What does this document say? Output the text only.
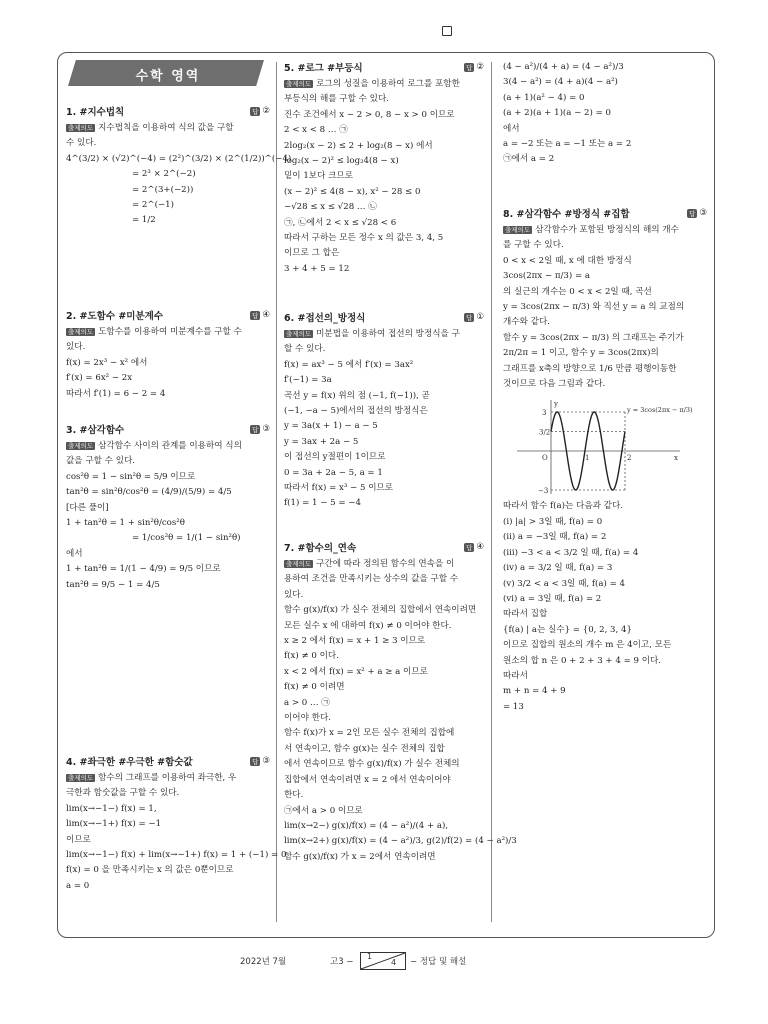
수학 영역
1. #지수법칙	답 ②
출제의도 지수법칙을 이용하여 식의 값을 구할
수 있다.
4^(3/2) × (√2)^(−4) = (2²)^(3/2) × (2^(1/2))^(−4)
= 2³ × 2^(−2)
= 2^(3+(−2))
= 2^(−1)
= 1/2
2. #도함수 #미분계수	답 ④
출제의도 도함수를 이용하여 미분계수를 구할 수
있다.
f(x) = 2x³ − x² 에서
f′(x) = 6x² − 2x
따라서 f′(1) = 6 − 2 = 4
3. #삼각함수	답 ③
출제의도 삼각함수 사이의 관계를 이용하여 식의
값을 구할 수 있다.
cos²θ = 1 − sin²θ = 5/9 이므로
tan²θ = sin²θ/cos²θ = (4/9)/(5/9) = 4/5
[다른 풀이]
1 + tan²θ = 1 + sin²θ/cos²θ
= 1/cos²θ = 1/(1 − sin²θ)
에서
1 + tan²θ = 1/(1 − 4/9) = 9/5 이므로
tan²θ = 9/5 − 1 = 4/5
4. #좌극한 #우극한 #함숫값	답 ③
출제의도 함수의 그래프를 이용하여 좌극한, 우
극한과 함숫값을 구할 수 있다.
lim(x→−1−) f(x) = 1,
lim(x→−1+) f(x) = −1
이므로
lim(x→−1−) f(x) + lim(x→−1+) f(x) = 1 + (−1) = 0
f(x) = 0 을 만족시키는 x 의 값은 0뿐이므로
a = 0
5. #로그 #부등식	답 ②
출제의도 로그의 성질을 이용하여 로그를 포함한
부등식의 해를 구할 수 있다.
진수 조건에서 x − 2 > 0, 8 − x > 0 이므로
2 < x < 8 … ㉠
2log₂(x − 2) ≤ 2 + log₂(8 − x) 에서
log₂(x − 2)² ≤ log₂4(8 − x)
밑이 1보다 크므로
(x − 2)² ≤ 4(8 − x), x² − 28 ≤ 0
−√28 ≤ x ≤ √28 … ㉡
㉠, ㉡에서 2 < x ≤ √28 < 6
따라서 구하는 모든 정수 x 의 값은 3, 4, 5
이므로 그 합은
3 + 4 + 5 = 12
6. #접선의_방정식	답 ①
출제의도 미분법을 이용하여 접선의 방정식을 구
할 수 있다.
f(x) = ax³ − 5 에서 f′(x) = 3ax²
f′(−1) = 3a
곡선 y = f(x) 위의 점 (−1, f(−1)), 곧
(−1, −a − 5)에서의 접선의 방정식은
y = 3a(x + 1) − a − 5
y = 3ax + 2a − 5
이 접선의 y절편이 1이므로
0 = 3a + 2a − 5, a = 1
따라서 f(x) = x³ − 5 이므로
f(1) = 1 − 5 = −4
7. #함수의_연속	답 ④
출제의도 구간에 따라 정의된 함수의 연속을 이
용하여 조건을 만족시키는 상수의 값을 구할 수
있다.
함수 g(x)/f(x) 가 실수 전체의 집합에서 연속이려면
모든 실수 x 에 대하여 f(x) ≠ 0 이어야 한다.
x ≥ 2 에서 f(x) = x + 1 ≥ 3 이므로
f(x) ≠ 0 이다.
x < 2 에서 f(x) = x² + a ≥ a 이므로
f(x) ≠ 0 이려면
a > 0 … ㉠
이어야 한다.
함수 f(x)가 x = 2인 모든 실수 전체의 집합에
서 연속이고, 함수 g(x)는 실수 전체의 집합
에서 연속이므로 함수 g(x)/f(x) 가 실수 전체의
집합에서 연속이려면 x = 2 에서 연속이어야
한다.
㉠에서 a > 0 이므로
lim(x→2−) g(x)/f(x) = (4 − a²)/(4 + a),
lim(x→2+) g(x)/f(x) = (4 − a²)/3, g(2)/f(2) = (4 − a²)/3
함수 g(x)/f(x) 가 x = 2에서 연속이려면
(4 − a²)/(4 + a) = (4 − a²)/3
3(4 − a²) = (4 + a)(4 − a²)
(a + 1)(a² − 4) = 0
(a + 2)(a + 1)(a − 2) = 0
에서
a = −2 또는 a = −1 또는 a = 2
㉠에서 a = 2
8. #삼각함수 #방정식 #집합	답 ③
출제의도 삼각함수가 포함된 방정식의 해의 개수
를 구할 수 있다.
0 < x < 2일 때, x 에 대한 방정식
3cos(2πx − π/3) = a
의 실근의 개수는 0 < x < 2일 때, 곡선
y = 3cos(2πx − π/3) 와 직선 y = a 의 교점의
개수와 같다.
함수 y = 3cos(2πx − π/3) 의 그래프는 주기가
2π/2π = 1 이고, 함수 y = 3cos(2πx)의
그래프를 x축의 방향으로 1/6 만큼 평행이동한
것이므로 다음 그림과 같다.
3
3/2
O
−3
1	2	x
y
y = 3cos(2πx − π/3)
따라서 함수 f(a)는 다음과 같다.
(ⅰ) |a| > 3일 때, f(a) = 0
(ⅱ) a = −3일 때, f(a) = 2
(ⅲ) −3 < a < 3/2 일 때, f(a) = 4
(ⅳ) a = 3/2 일 때, f(a) = 3
(ⅴ) 3/2 < a < 3일 때, f(a) = 4
(ⅵ) a = 3일 때, f(a) = 2
따라서 집합
{f(a) | a는 실수} = {0, 2, 3, 4}
이므로 집합의 원소의 개수 m 은 4이고, 모든
원소의 합 n 은 0 + 2 + 3 + 4 = 9 이다.
따라서
m + n = 4 + 9
= 13
2022년 7월	고3 −
1
4 − 정답 및 해설
